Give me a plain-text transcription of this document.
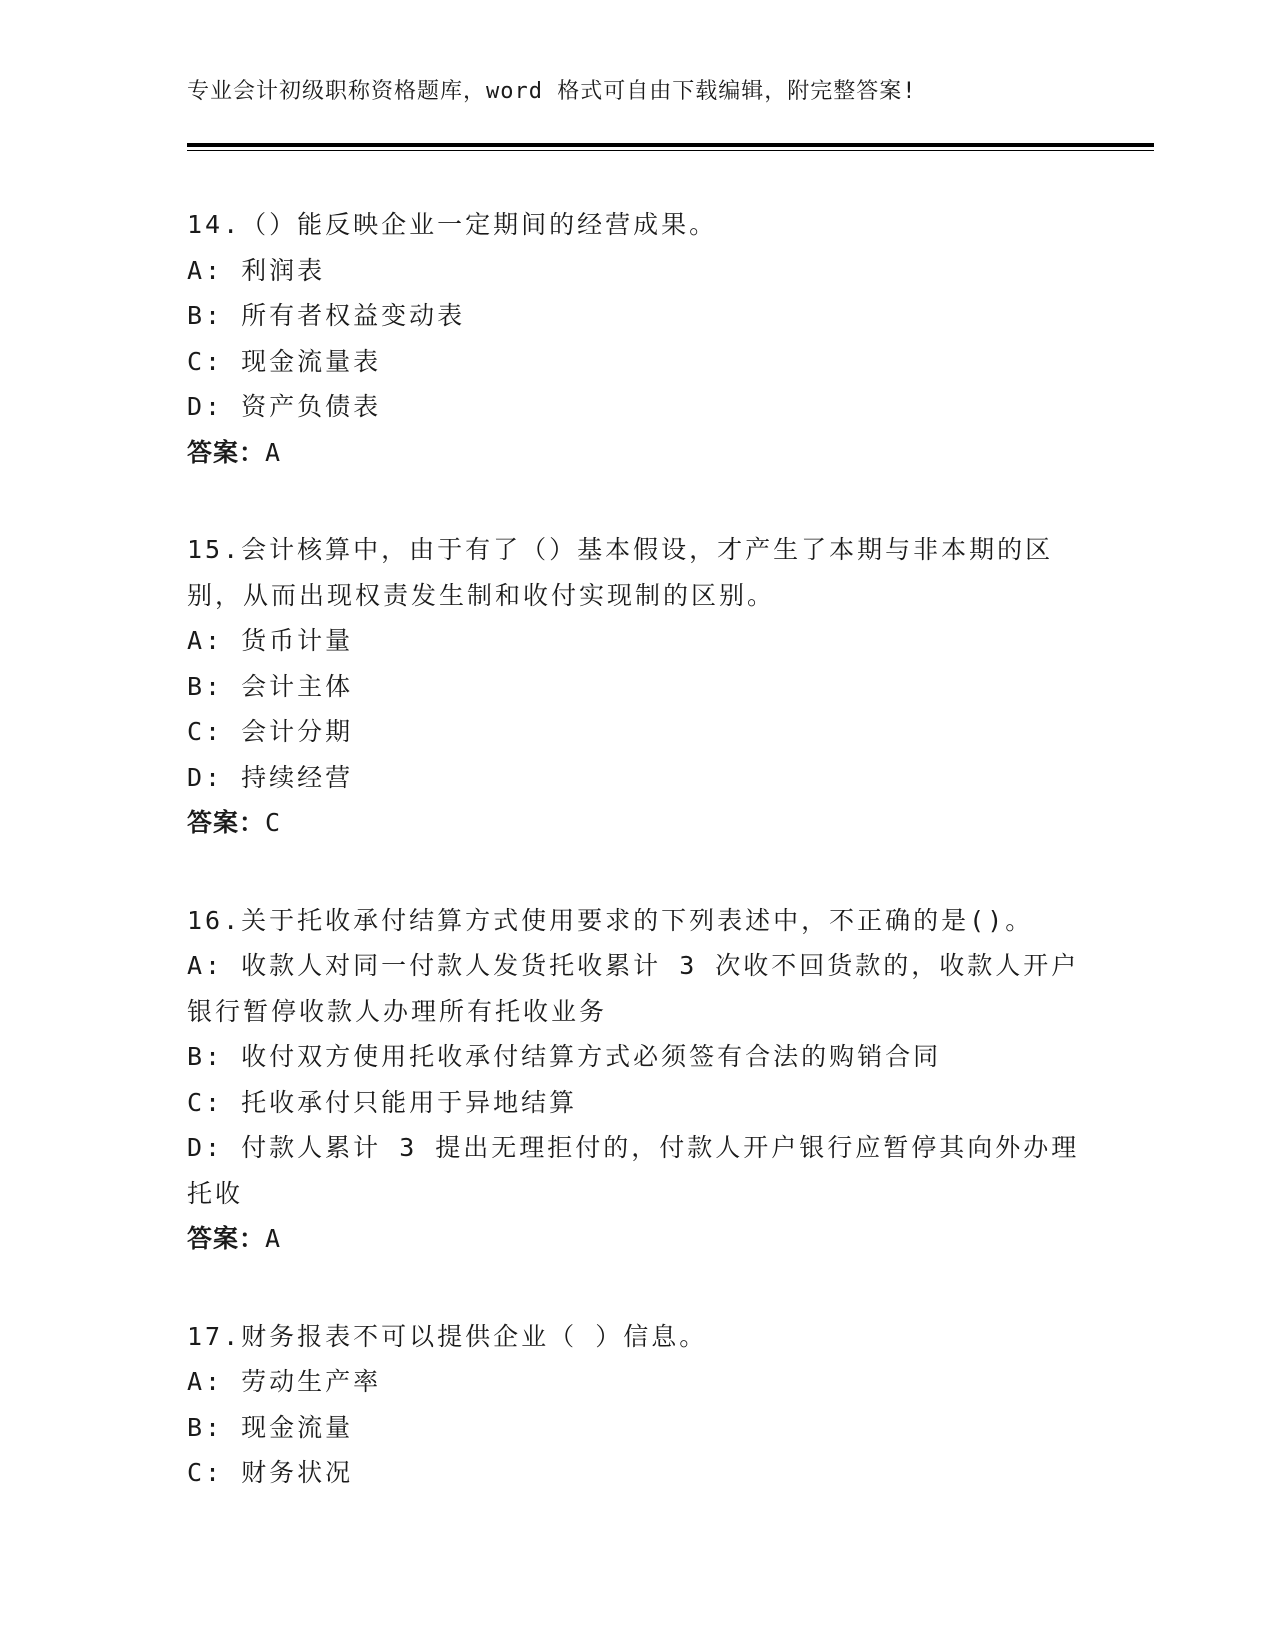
专业会计初级职称资格题库，word 格式可自由下载编辑，附完整答案!
14.（）能反映企业一定期间的经营成果。
A: 利润表
B: 所有者权益变动表
C: 现金流量表
D: 资产负债表
答案：A
15.会计核算中，由于有了（）基本假设，才产生了本期与非本期的区
别，从而出现权责发生制和收付实现制的区别。
A: 货币计量
B: 会计主体
C: 会计分期
D: 持续经营
答案：C
16.关于托收承付结算方式使用要求的下列表述中，不正确的是()。
A: 收款人对同一付款人发货托收累计 3 次收不回货款的，收款人开户
银行暂停收款人办理所有托收业务
B: 收付双方使用托收承付结算方式必须签有合法的购销合同
C: 托收承付只能用于异地结算
D: 付款人累计 3 提出无理拒付的，付款人开户银行应暂停其向外办理
托收
答案：A
17.财务报表不可以提供企业（ ）信息。
A: 劳动生产率
B: 现金流量
C: 财务状况
